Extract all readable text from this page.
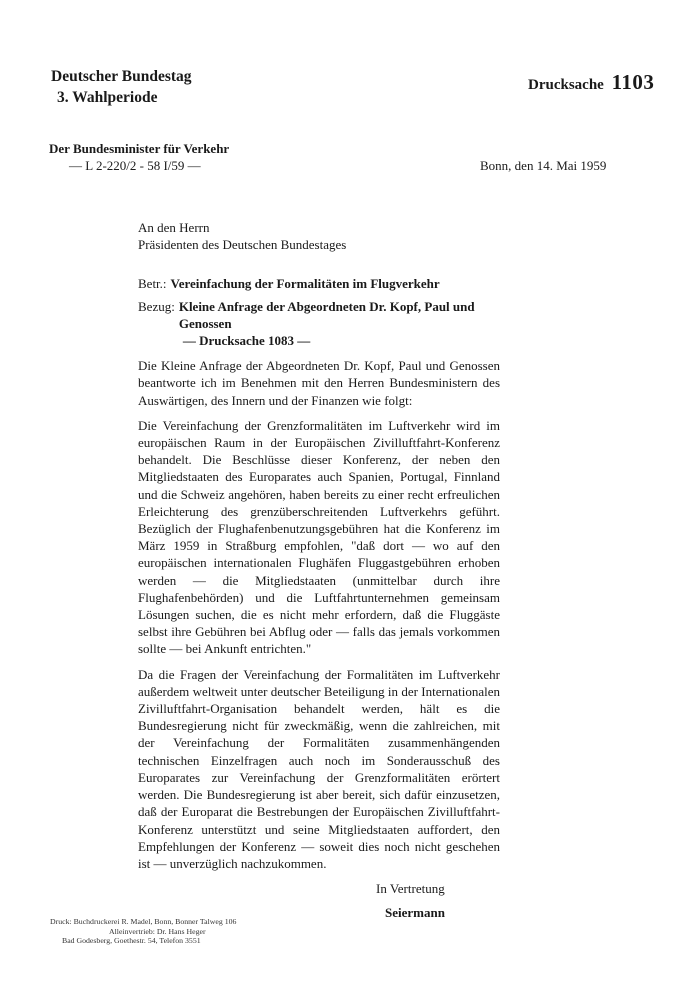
Deutscher Bundestag
3. Wahlperiode
Drucksache 1103
Der Bundesminister für Verkehr
— L 2-220/2 - 58 I/59 —	Bonn, den 14. Mai 1959
An den Herrn
Präsidenten des Deutschen Bundestages
Betr.: Vereinfachung der Formalitäten im Flugverkehr
Bezug: Kleine Anfrage der Abgeordneten Dr. Kopf, Paul und Genossen
— Drucksache 1083 —

Die Kleine Anfrage der Abgeordneten Dr. Kopf, Paul und Genossen beantworte ich im Benehmen mit den Herren Bundesministern des Auswärtigen, des Innern und der Finanzen wie folgt:

Die Vereinfachung der Grenzformalitäten im Luftverkehr wird im europäischen Raum in der Europäischen Zivilluftfahrt-Konferenz behandelt. Die Beschlüsse dieser Konferenz, der neben den Mitgliedstaaten des Europarates auch Spanien, Portugal, Finnland und die Schweiz angehören, haben bereits zu einer recht erfreulichen Erleichterung des grenzüberschreitenden Luftverkehrs geführt. Bezüglich der Flughafenbenutzungsgebühren hat die Konferenz im März 1959 in Straßburg empfohlen, "daß dort — wo auf den europäischen internationalen Flughäfen Fluggastgebühren erhoben werden — die Mitgliedstaaten (unmittelbar durch ihre Flughafenbehörden) und die Luftfahrtunternehmen gemeinsam Lösungen suchen, die es nicht mehr erfordern, daß die Fluggäste selbst ihre Gebühren bei Abflug oder — falls das jemals vorkommen sollte — bei Ankunft entrichten."

Da die Fragen der Vereinfachung der Formalitäten im Luftverkehr außerdem weltweit unter deutscher Beteiligung in der Internationalen Zivilluftfahrt-Organisation behandelt werden, hält es die Bundesregierung nicht für zweckmäßig, wenn die zahlreichen, mit der Vereinfachung der Formalitäten zusammenhängenden technischen Einzelfragen auch noch im Sonderausschuß des Europarates zur Vereinfachung der Grenzformalitäten erörtert werden. Die Bundesregierung ist aber bereit, sich dafür einzusetzen, daß der Europarat die Bestrebungen der Europäischen Zivilluftfahrt-Konferenz unterstützt und seine Mitgliedstaaten auffordert, den Empfehlungen der Konferenz — soweit dies noch nicht geschehen ist — unverzüglich nachzukommen.

In Vertretung
Seiermann
Druck: Buchdruckerei R. Madel, Bonn, Bonner Talweg 106
Alleinvertrieb: Dr. Hans Heger
Bad Godesberg, Goethestr. 54, Telefon 3551
